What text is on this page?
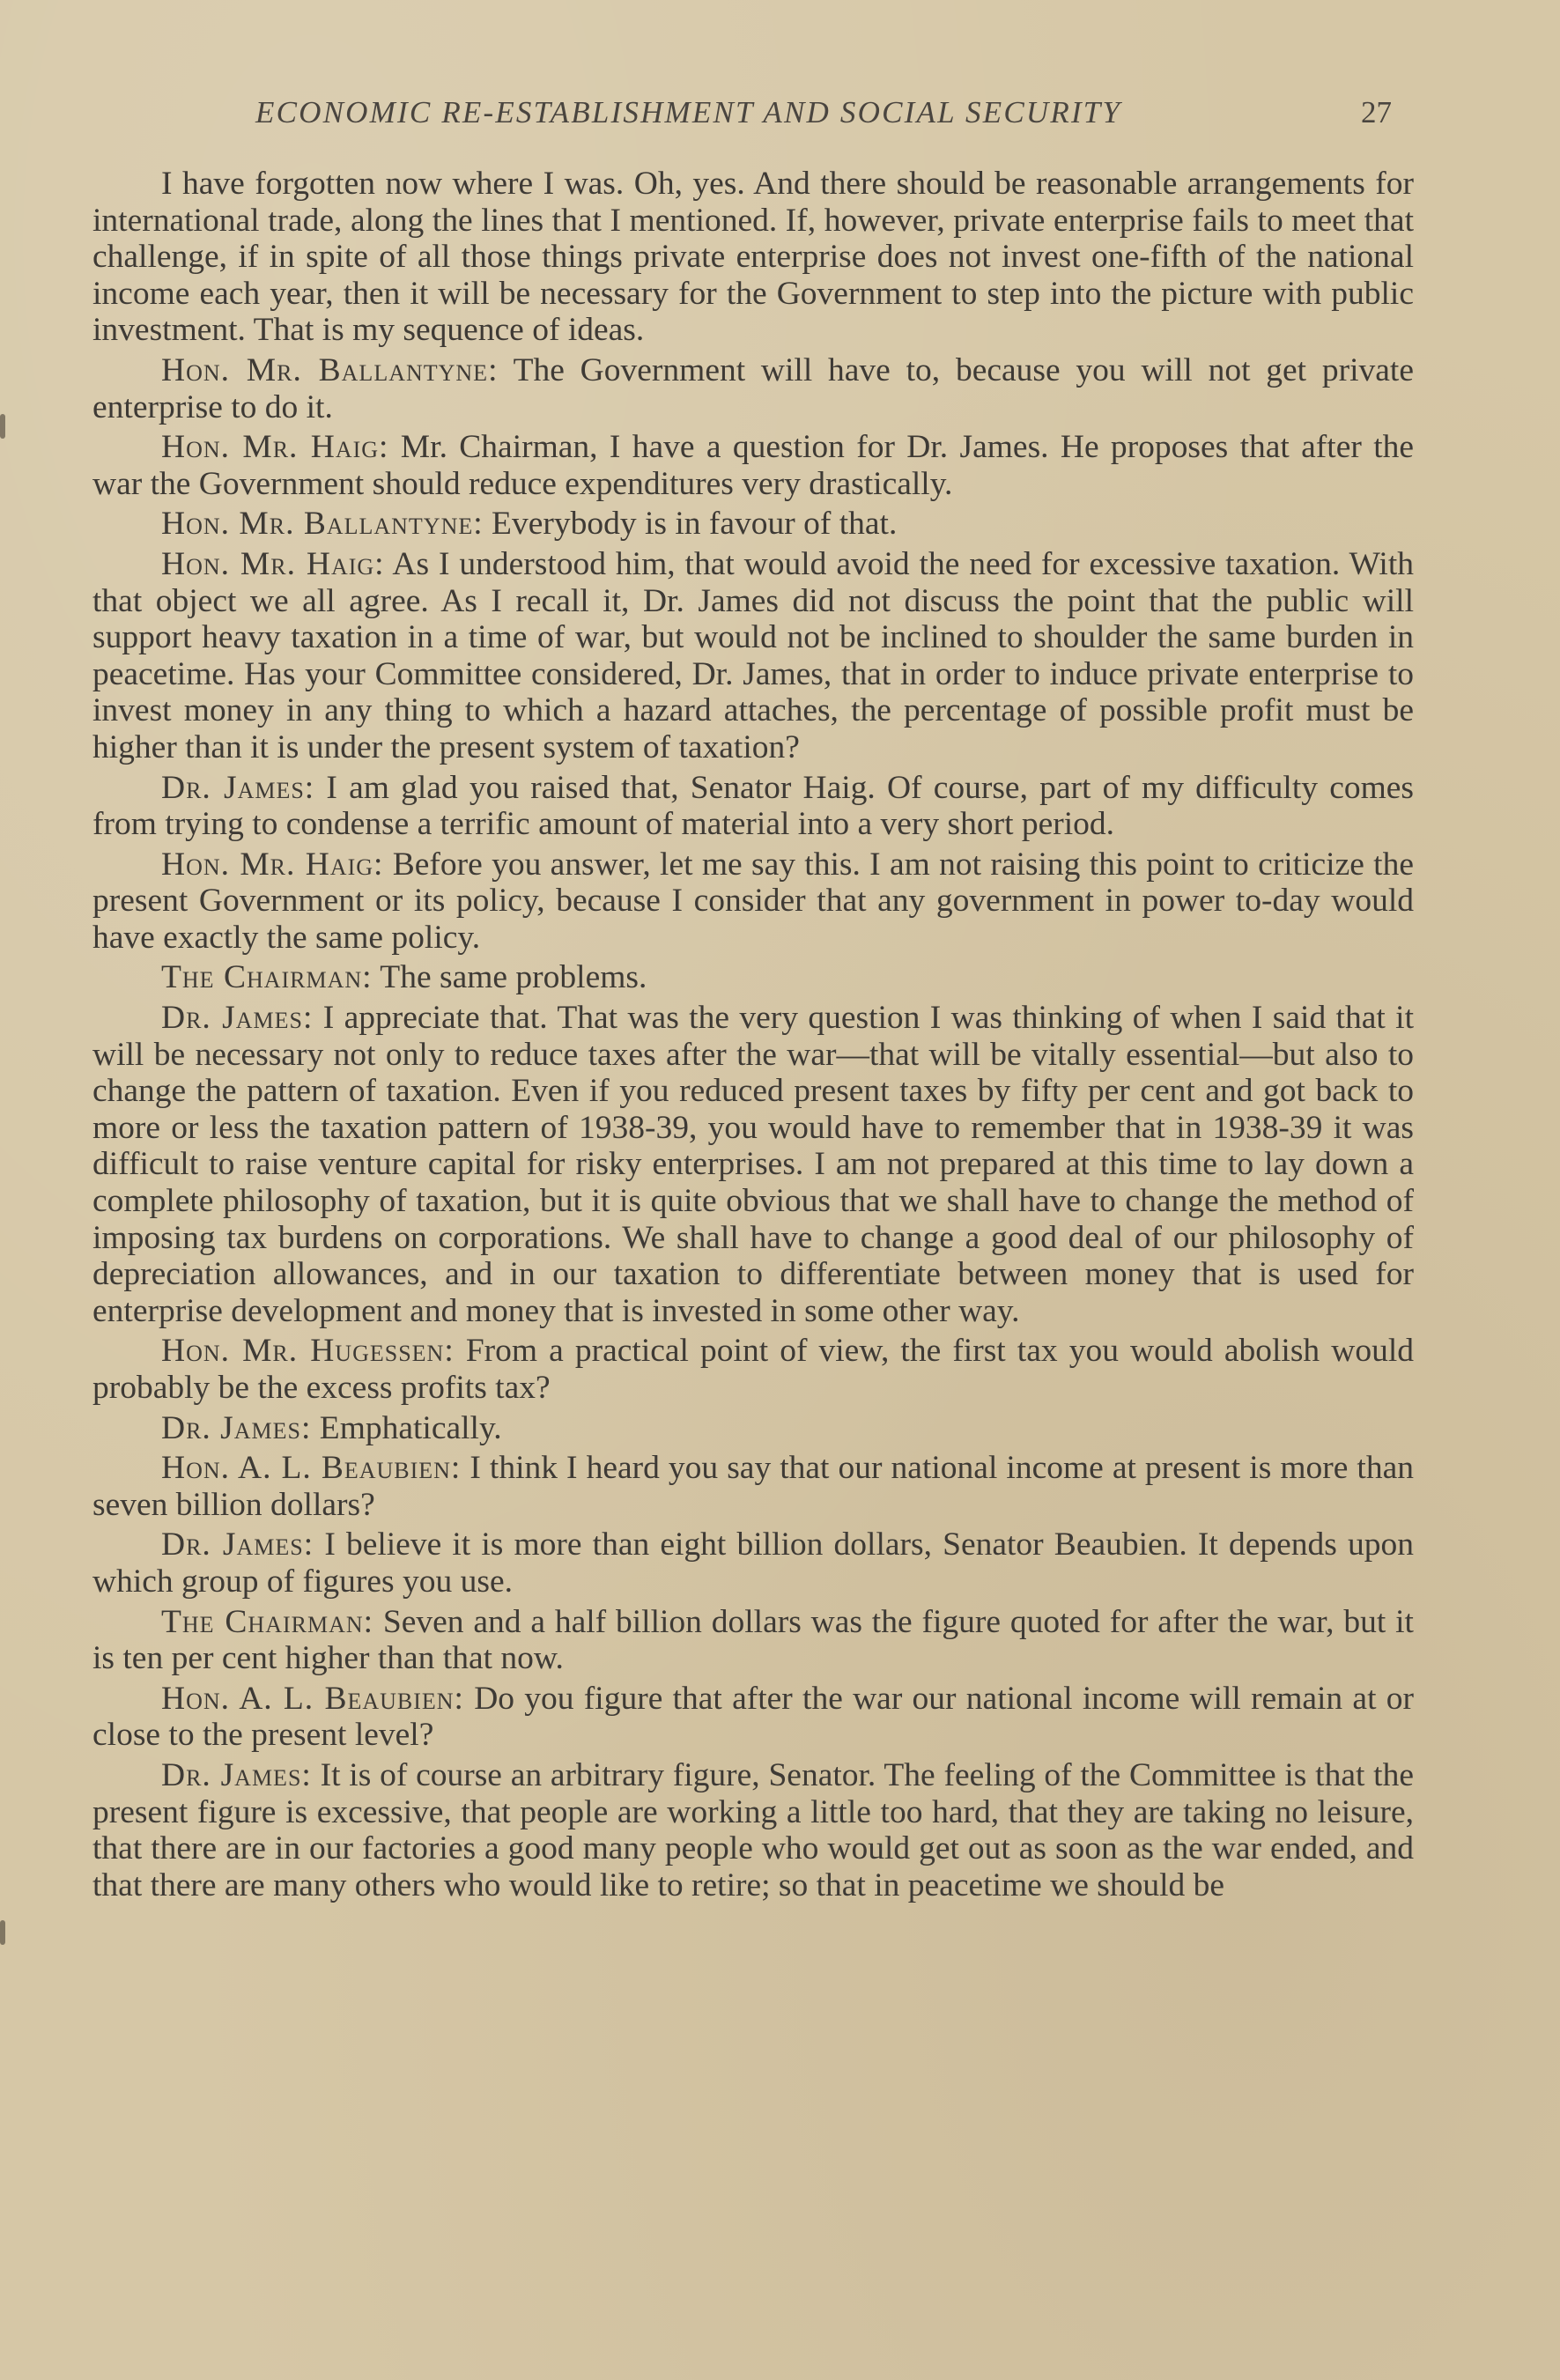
ECONOMIC RE-ESTABLISHMENT AND SOCIAL SECURITY	27

I have forgotten now where I was. Oh, yes. And there should be reasonable arrangements for international trade, along the lines that I mentioned. If, however, private enterprise fails to meet that challenge, if in spite of all those things private enterprise does not invest one-fifth of the national income each year, then it will be necessary for the Government to step into the picture with public investment. That is my sequence of ideas.

Hon. Mr. Ballantyne: The Government will have to, because you will not get private enterprise to do it.

Hon. Mr. Haig: Mr. Chairman, I have a question for Dr. James. He proposes that after the war the Government should reduce expenditures very drastically.

Hon. Mr. Ballantyne: Everybody is in favour of that.

Hon. Mr. Haig: As I understood him, that would avoid the need for excessive taxation. With that object we all agree. As I recall it, Dr. James did not discuss the point that the public will support heavy taxation in a time of war, but would not be inclined to shoulder the same burden in peacetime. Has your Committee considered, Dr. James, that in order to induce private enterprise to invest money in any thing to which a hazard attaches, the percentage of possible profit must be higher than it is under the present system of taxation?

Dr. James: I am glad you raised that, Senator Haig. Of course, part of my difficulty comes from trying to condense a terrific amount of material into a very short period.

Hon. Mr. Haig: Before you answer, let me say this. I am not raising this point to criticize the present Government or its policy, because I consider that any government in power to-day would have exactly the same policy.

The Chairman: The same problems.

Dr. James: I appreciate that. That was the very question I was thinking of when I said that it will be necessary not only to reduce taxes after the war—that will be vitally essential—but also to change the pattern of taxation. Even if you reduced present taxes by fifty per cent and got back to more or less the taxation pattern of 1938-39, you would have to remember that in 1938-39 it was difficult to raise venture capital for risky enterprises. I am not prepared at this time to lay down a complete philosophy of taxation, but it is quite obvious that we shall have to change the method of imposing tax burdens on corporations. We shall have to change a good deal of our philosophy of depreciation allowances, and in our taxation to differentiate between money that is used for enterprise development and money that is invested in some other way.

Hon. Mr. Hugessen: From a practical point of view, the first tax you would abolish would probably be the excess profits tax?

Dr. James: Emphatically.

Hon. A. L. Beaubien: I think I heard you say that our national income at present is more than seven billion dollars?

Dr. James: I believe it is more than eight billion dollars, Senator Beaubien. It depends upon which group of figures you use.

The Chairman: Seven and a half billion dollars was the figure quoted for after the war, but it is ten per cent higher than that now.

Hon. A. L. Beaubien: Do you figure that after the war our national income will remain at or close to the present level?

Dr. James: It is of course an arbitrary figure, Senator. The feeling of the Committee is that the present figure is excessive, that people are working a little too hard, that they are taking no leisure, that there are in our factories a good many people who would get out as soon as the war ended, and that there are many others who would like to retire; so that in peacetime we should be
